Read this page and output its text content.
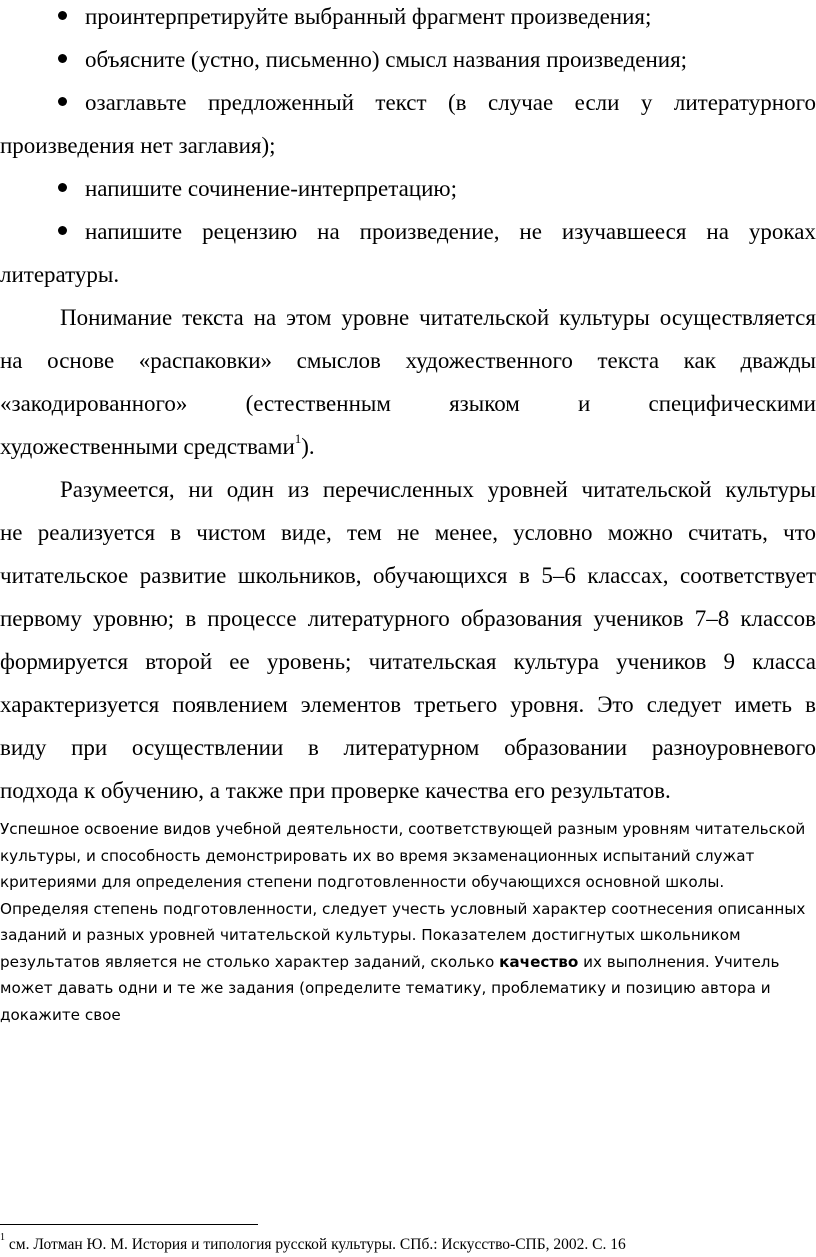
проинтерпретируйте выбранный фрагмент произведения;
объясните (устно, письменно) смысл названия произведения;
озаглавьте предложенный текст (в случае если у литературного
произведения нет заглавия);
напишите сочинение-интерпретацию;
напишите рецензию на произведение, не изучавшееся на уроках
литературы.
Понимание текста на этом уровне читательской культуры осуществляется
на основе «распаковки» смыслов художественного текста как дважды
«закодированного»	(естественным	языком	и	специфическими
художественными средствами$^1$).
Разумеется, ни один из перечисленных уровней читательской культуры
не реализуется в чистом виде, тем не менее, условно можно считать, что
читательское развитие школьников, обучающихся в 5–6 классах, соответствует
первому уровню; в процессе литературного образования учеников 7–8 классов
формируется второй ее уровень; читательская культура учеников 9 класса
характеризуется появлением элементов третьего уровня. Это следует иметь в
виду при осуществлении в литературном образовании разноуровневого
подхода к обучению, а также при проверке качества его результатов.
Успешное освоение видов учебной деятельности, соответствующей разным уровням читательской
культуры, и способность демонстрировать их во время экзаменационных испытаний служат
критериями для определения степени подготовленности обучающихся основной школы.
Определяя степень подготовленности, следует учесть условный характер соотнесения описанных
заданий и разных уровней читательской культуры. Показателем достигнутых школьником
результатов является не столько характер заданий, сколько качество их выполнения. Учитель
может давать одни и те же задания (определите тематику, проблематику и позицию автора и
докажите свое
$^1$ см. Лотман Ю. М. История и типология русской культуры. СПб.: Искусство-СПБ, 2002. С. 16
